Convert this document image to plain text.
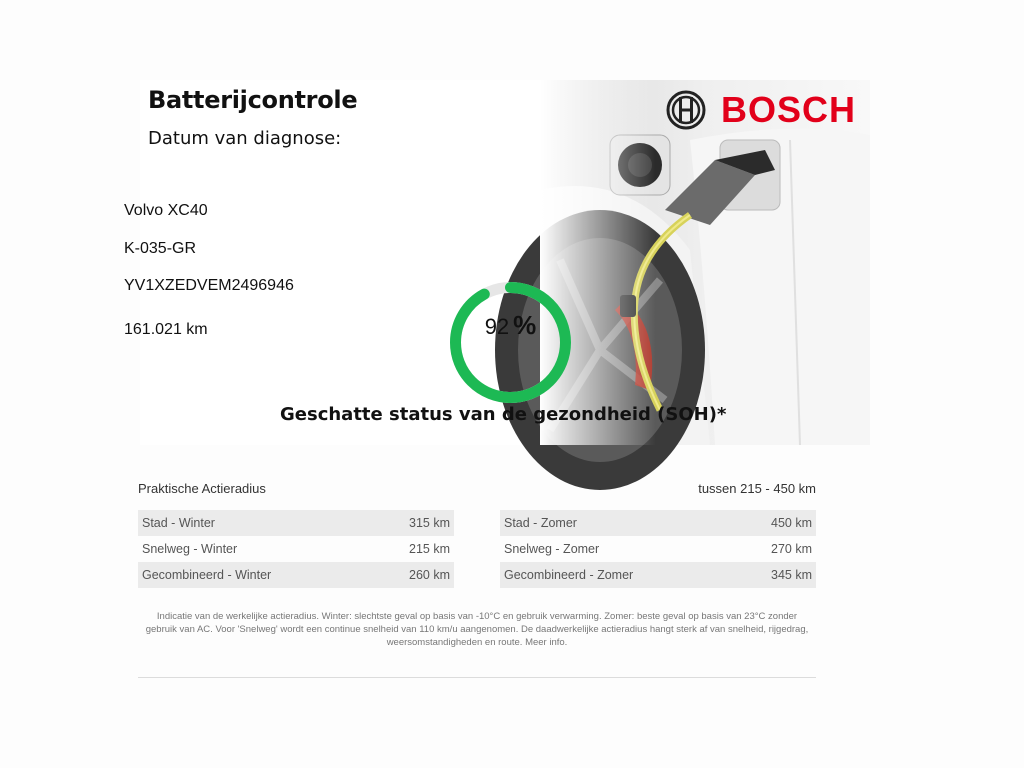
Batterijcontrole
Datum van diagnose:
BOSCH
Volvo XC40
K-035-GR
YV1XZEDVEM2496946
161.021 km	92 %
Geschatte status van de gezondheid (SOH)*
Praktische Actieradius	tussen 215 - 450 km
Stad - Winter	315 km
Snelweg - Winter	215 km
Gecombineerd - Winter	260 km
Stad - Zomer	450 km
Snelweg - Zomer	270 km
Gecombineerd - Zomer	345 km
Indicatie van de werkelijke actieradius. Winter: slechtste geval op basis van -10°C en gebruik verwarming. Zomer: beste geval op basis van 23°C zonder gebruik van AC. Voor 'Snelweg' wordt een continue snelheid van 110 km/u aangenomen. De daadwerkelijke actieradius hangt sterk af van snelheid, rijgedrag, weersomstandigheden en route. Meer info.
